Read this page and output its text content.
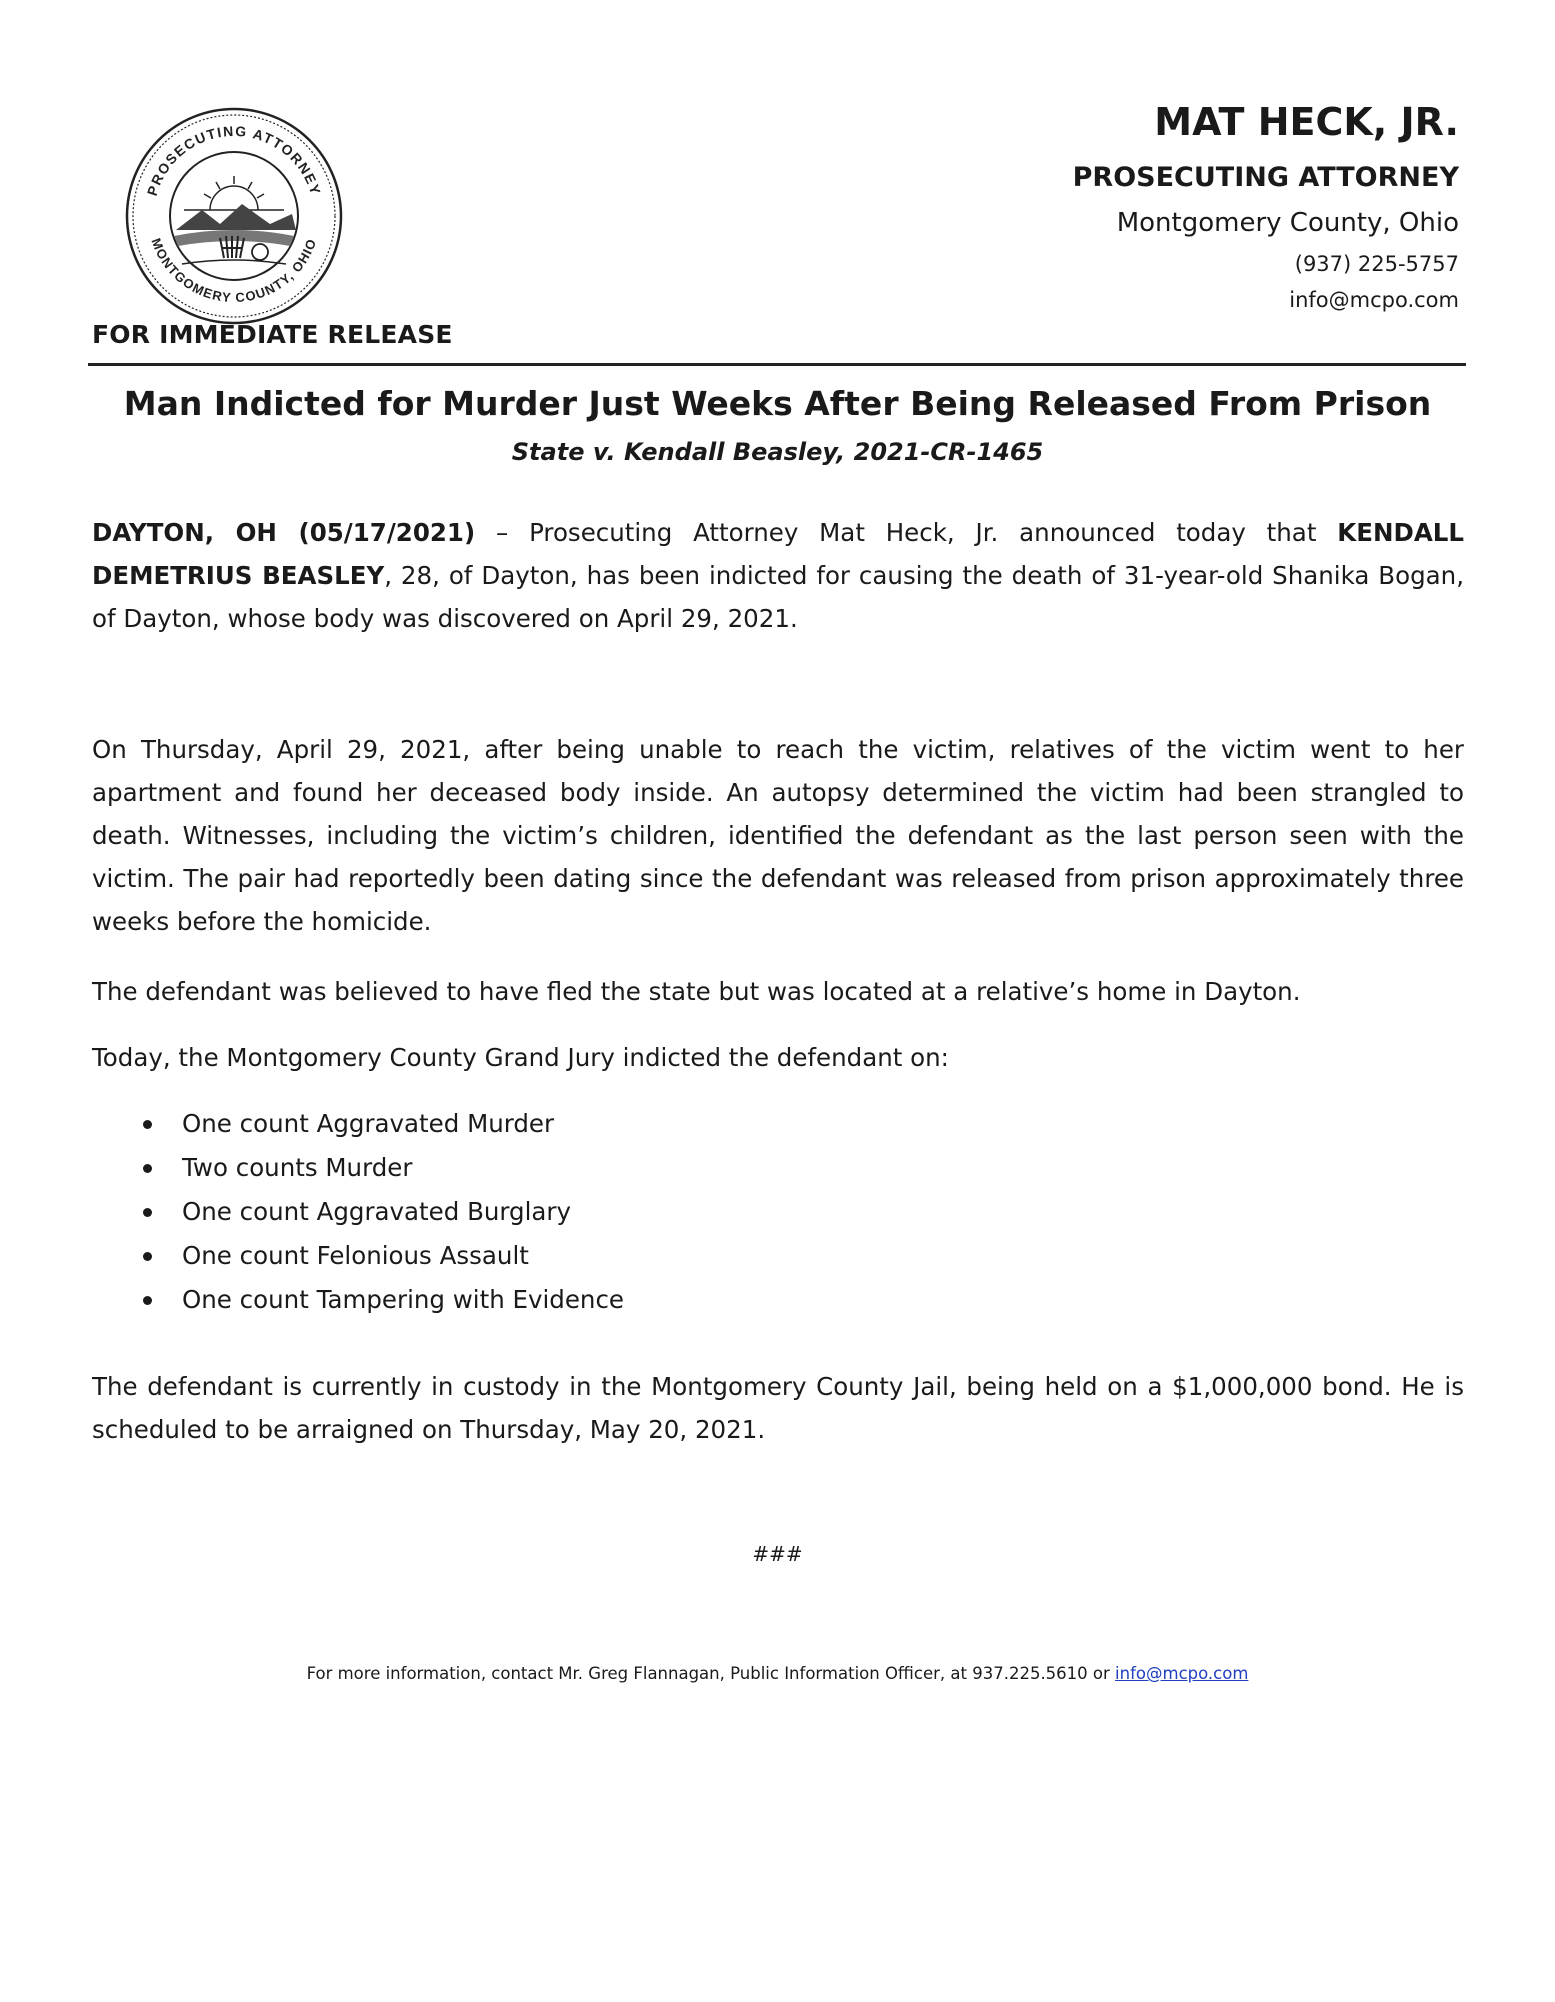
PROSECUTING ATTORNEY
MONTGOMERY COUNTY, OHIO
FOR IMMEDIATE RELEASE
MAT HECK, JR.
PROSECUTING ATTORNEY
Montgomery County, Ohio
(937) 225-5757
info@mcpo.com
Man Indicted for Murder Just Weeks After Being Released From Prison
State v. Kendall Beasley, 2021-CR-1465
DAYTON, OH (05/17/2021) – Prosecuting Attorney Mat Heck, Jr. announced today that KENDALL DEMETRIUS BEASLEY, 28, of Dayton, has been indicted for causing the death of 31-year-old Shanika Bogan, of Dayton, whose body was discovered on April 29, 2021.
On Thursday, April 29, 2021, after being unable to reach the victim, relatives of the victim went to her apartment and found her deceased body inside. An autopsy determined the victim had been strangled to death. Witnesses, including the victim’s children, identified the defendant as the last person seen with the victim. The pair had reportedly been dating since the defendant was released from prison approximately three weeks before the homicide.
The defendant was believed to have fled the state but was located at a relative’s home in Dayton.
Today, the Montgomery County Grand Jury indicted the defendant on:
One count Aggravated Murder
Two counts Murder
One count Aggravated Burglary
One count Felonious Assault
One count Tampering with Evidence
The defendant is currently in custody in the Montgomery County Jail, being held on a $1,000,000 bond. He is scheduled to be arraigned on Thursday, May 20, 2021.
###
For more information, contact Mr. Greg Flannagan, Public Information Officer, at 937.225.5610 or info@mcpo.com
